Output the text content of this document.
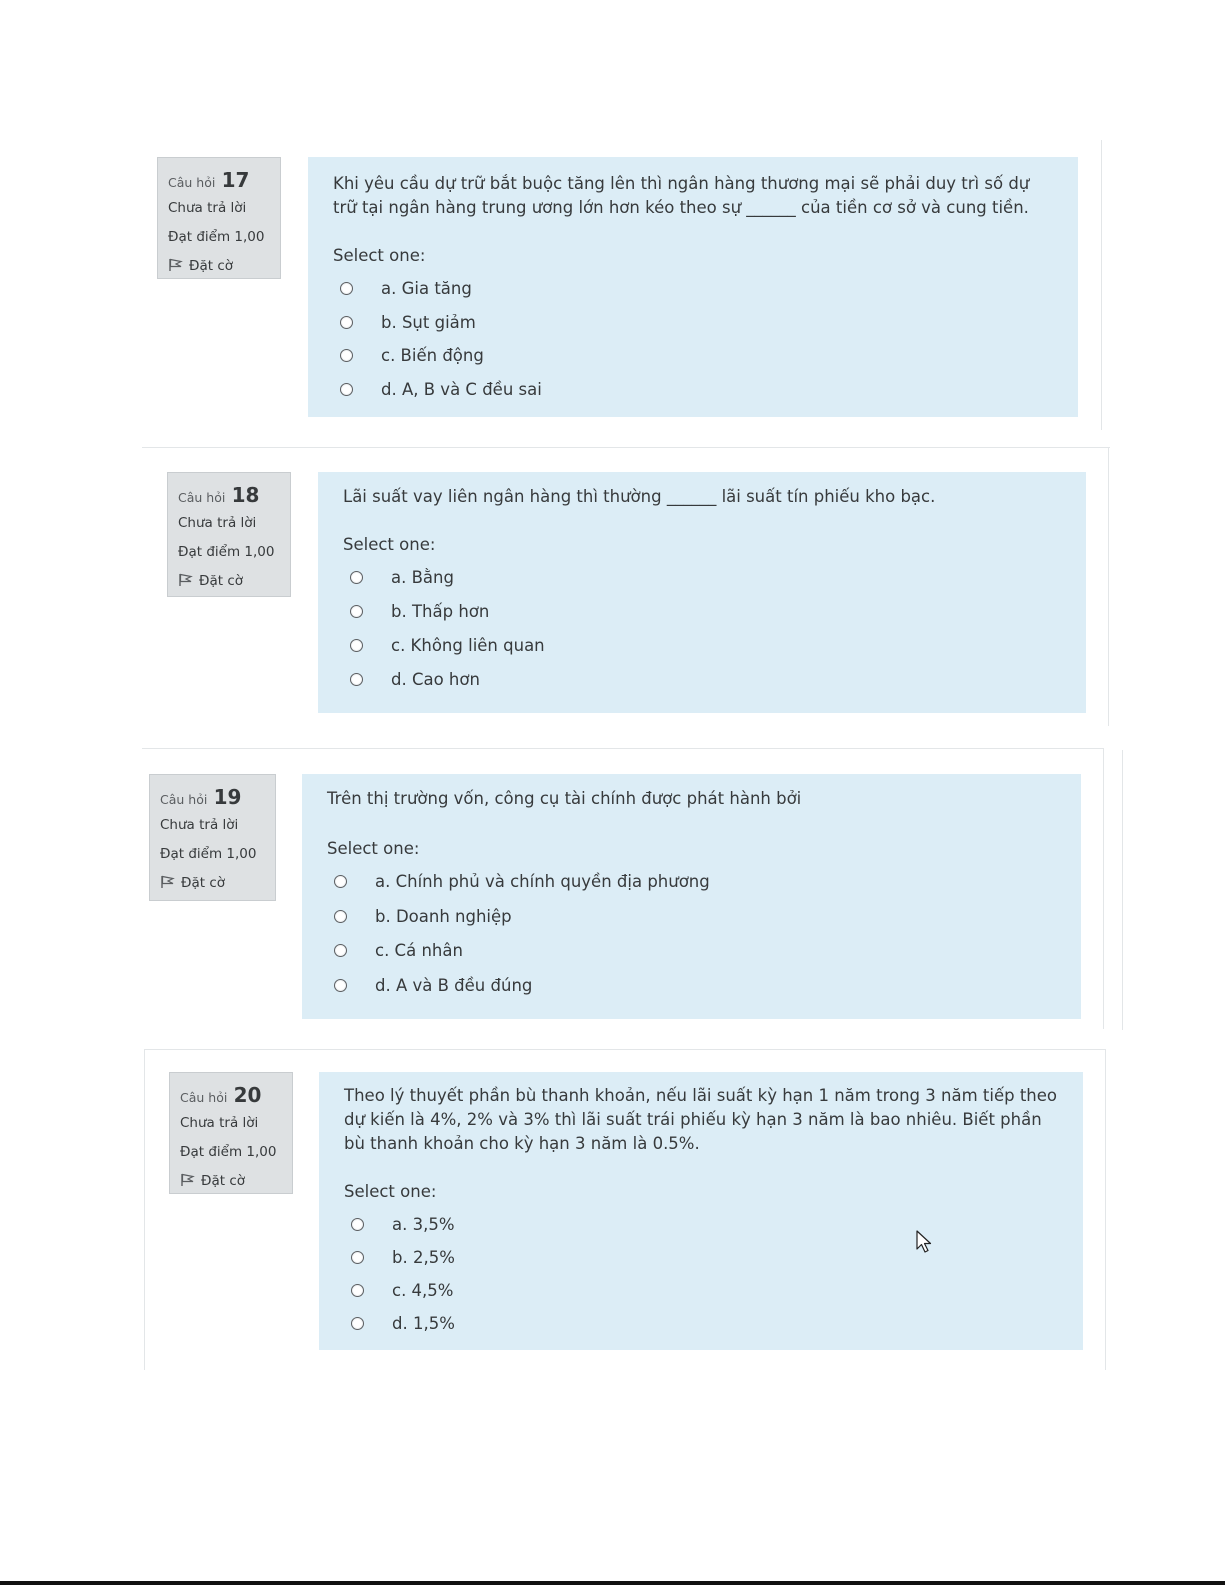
Câu hỏi 17
Chưa trả lời
Đạt điểm 1,00
Đặt cờ

Khi yêu cầu dự trữ bắt buộc tăng lên thì ngân hàng thương mại sẽ phải duy trì số dự trữ tại ngân hàng trung ương lớn hơn kéo theo sự ______ của tiền cơ sở và cung tiền.

Select one:
a. Gia tăng
b. Sụt giảm
c. Biến động
d. A, B và C đều sai
Câu hỏi 18
Chưa trả lời
Đạt điểm 1,00
Đặt cờ

Lãi suất vay liên ngân hàng thì thường ______ lãi suất tín phiếu kho bạc.

Select one:
a. Bằng
b. Thấp hơn
c. Không liên quan
d. Cao hơn
Câu hỏi 19
Chưa trả lời
Đạt điểm 1,00
Đặt cờ

Trên thị trường vốn, công cụ tài chính được phát hành bởi

Select one:
a. Chính phủ và chính quyền địa phương
b. Doanh nghiệp
c. Cá nhân
d. A và B đều đúng
Câu hỏi 20
Chưa trả lời
Đạt điểm 1,00
Đặt cờ

Theo lý thuyết phần bù thanh khoản, nếu lãi suất kỳ hạn 1 năm trong 3 năm tiếp theo dự kiến là 4%, 2% và 3% thì lãi suất trái phiếu kỳ hạn 3 năm là bao nhiêu. Biết phần bù thanh khoản cho kỳ hạn 3 năm là 0.5%.

Select one:
a. 3,5%
b. 2,5%
c. 4,5%
d. 1,5%
